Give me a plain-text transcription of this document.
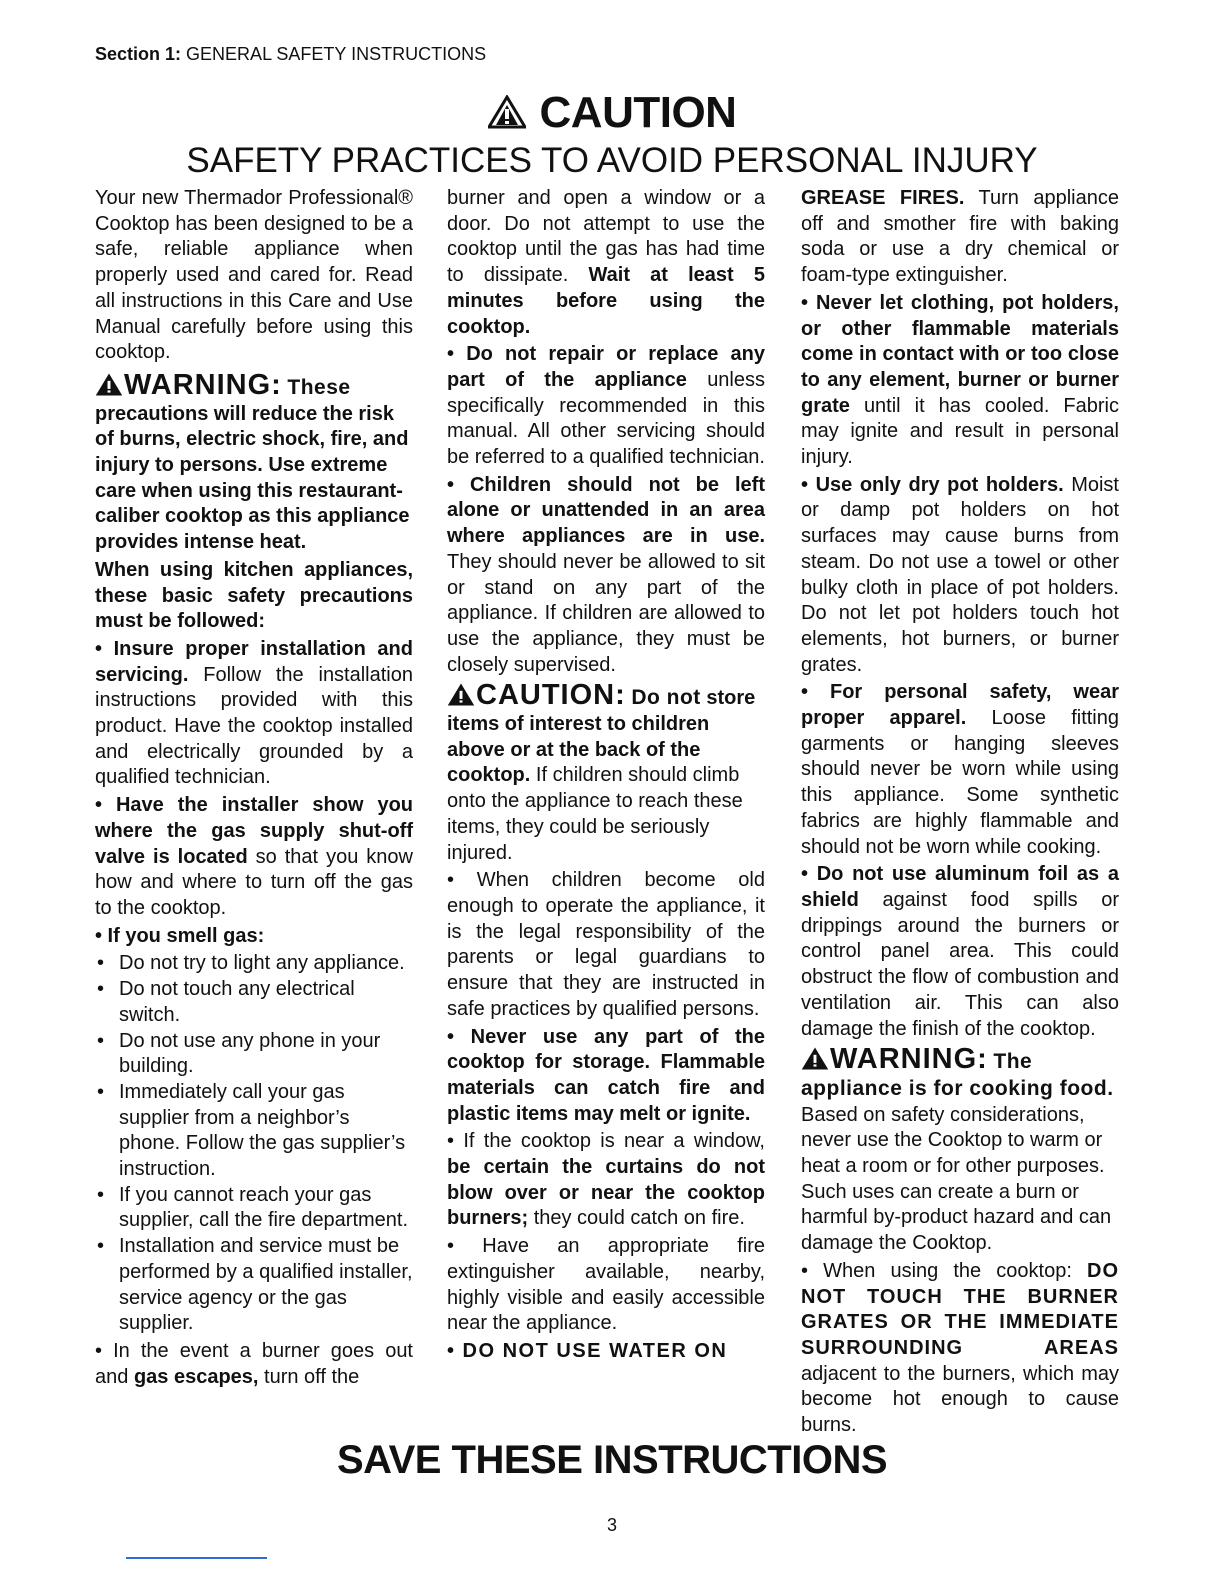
Section 1: GENERAL SAFETY INSTRUCTIONS
CAUTION
SAFETY PRACTICES TO AVOID PERSONAL INJURY

Your new Thermador Professional® Cooktop has been designed to be a safe, reliable appliance when properly used and cared for. Read all instructions in this Care and Use Manual carefully before using this cooktop.

WARNING: These precautions will reduce the risk of burns, electric shock, fire, and injury to persons. Use extreme care when using this restaurant-caliber cooktop as this appliance provides intense heat.

When using kitchen appliances, these basic safety precautions must be followed:

• Insure proper installation and servicing. Follow the installation instructions provided with this product. Have the cooktop installed and electrically grounded by a qualified technician.

• Have the installer show you where the gas supply shut-off valve is located so that you know how and where to turn off the gas to the cooktop.

• If you smell gas:

• Do not try to light any appliance.
• Do not touch any electrical switch.
• Do not use any phone in your building.
• Immediately call your gas supplier from a neighbor’s phone. Follow the gas supplier’s instruction.
• If you cannot reach your gas supplier, call the fire department.
• Installation and service must be performed by a qualified installer, service agency or the gas supplier.

• In the event a burner goes out and gas escapes, turn off the

burner and open a window or a door. Do not attempt to use the cooktop until the gas has had time to dissipate. Wait at least 5 minutes before using the cooktop.

• Do not repair or replace any part of the appliance unless specifically recommended in this manual. All other servicing should be referred to a qualified technician.

• Children should not be left alone or unattended in an area where appliances are in use. They should never be allowed to sit or stand on any part of the appliance. If children are allowed to use the appliance, they must be closely supervised.

CAUTION: Do not store items of interest to children above or at the back of the cooktop. If children should climb onto the appliance to reach these items, they could be seriously injured.

• When children become old enough to operate the appliance, it is the legal responsibility of the parents or legal guardians to ensure that they are instructed in safe practices by qualified persons.

• Never use any part of the cooktop for storage. Flammable materials can catch fire and plastic items may melt or ignite.

• If the cooktop is near a window, be certain the curtains do not blow over or near the cooktop burners; they could catch on fire.

• Have an appropriate fire extinguisher available, nearby, highly visible and easily accessible near the appliance.

• DO NOT USE WATER ON

GREASE FIRES. Turn appliance off and smother fire with baking soda or use a dry chemical or foam-type extinguisher.

• Never let clothing, pot holders, or other flammable materials come in contact with or too close to any element, burner or burner grate until it has cooled. Fabric may ignite and result in personal injury.

• Use only dry pot holders. Moist or damp pot holders on hot surfaces may cause burns from steam. Do not use a towel or other bulky cloth in place of pot holders. Do not let pot holders touch hot elements, hot burners, or burner grates.

• For personal safety, wear proper apparel. Loose fitting garments or hanging sleeves should never be worn while using this appliance. Some synthetic fabrics are highly flammable and should not be worn while cooking.

• Do not use aluminum foil as a shield against food spills or drippings around the burners or control panel area. This could obstruct the flow of combustion and ventilation air. This can also damage the finish of the cooktop.

WARNING: The appliance is for cooking food. Based on safety considerations, never use the Cooktop to warm or heat a room or for other purposes. Such uses can create a burn or harmful by-product hazard and can damage the Cooktop.

• When using the cooktop: DO NOT TOUCH THE BURNER GRATES OR THE IMMEDIATE SURROUNDING AREAS adjacent to the burners, which may become hot enough to cause burns.

SAVE THESE INSTRUCTIONS
3
